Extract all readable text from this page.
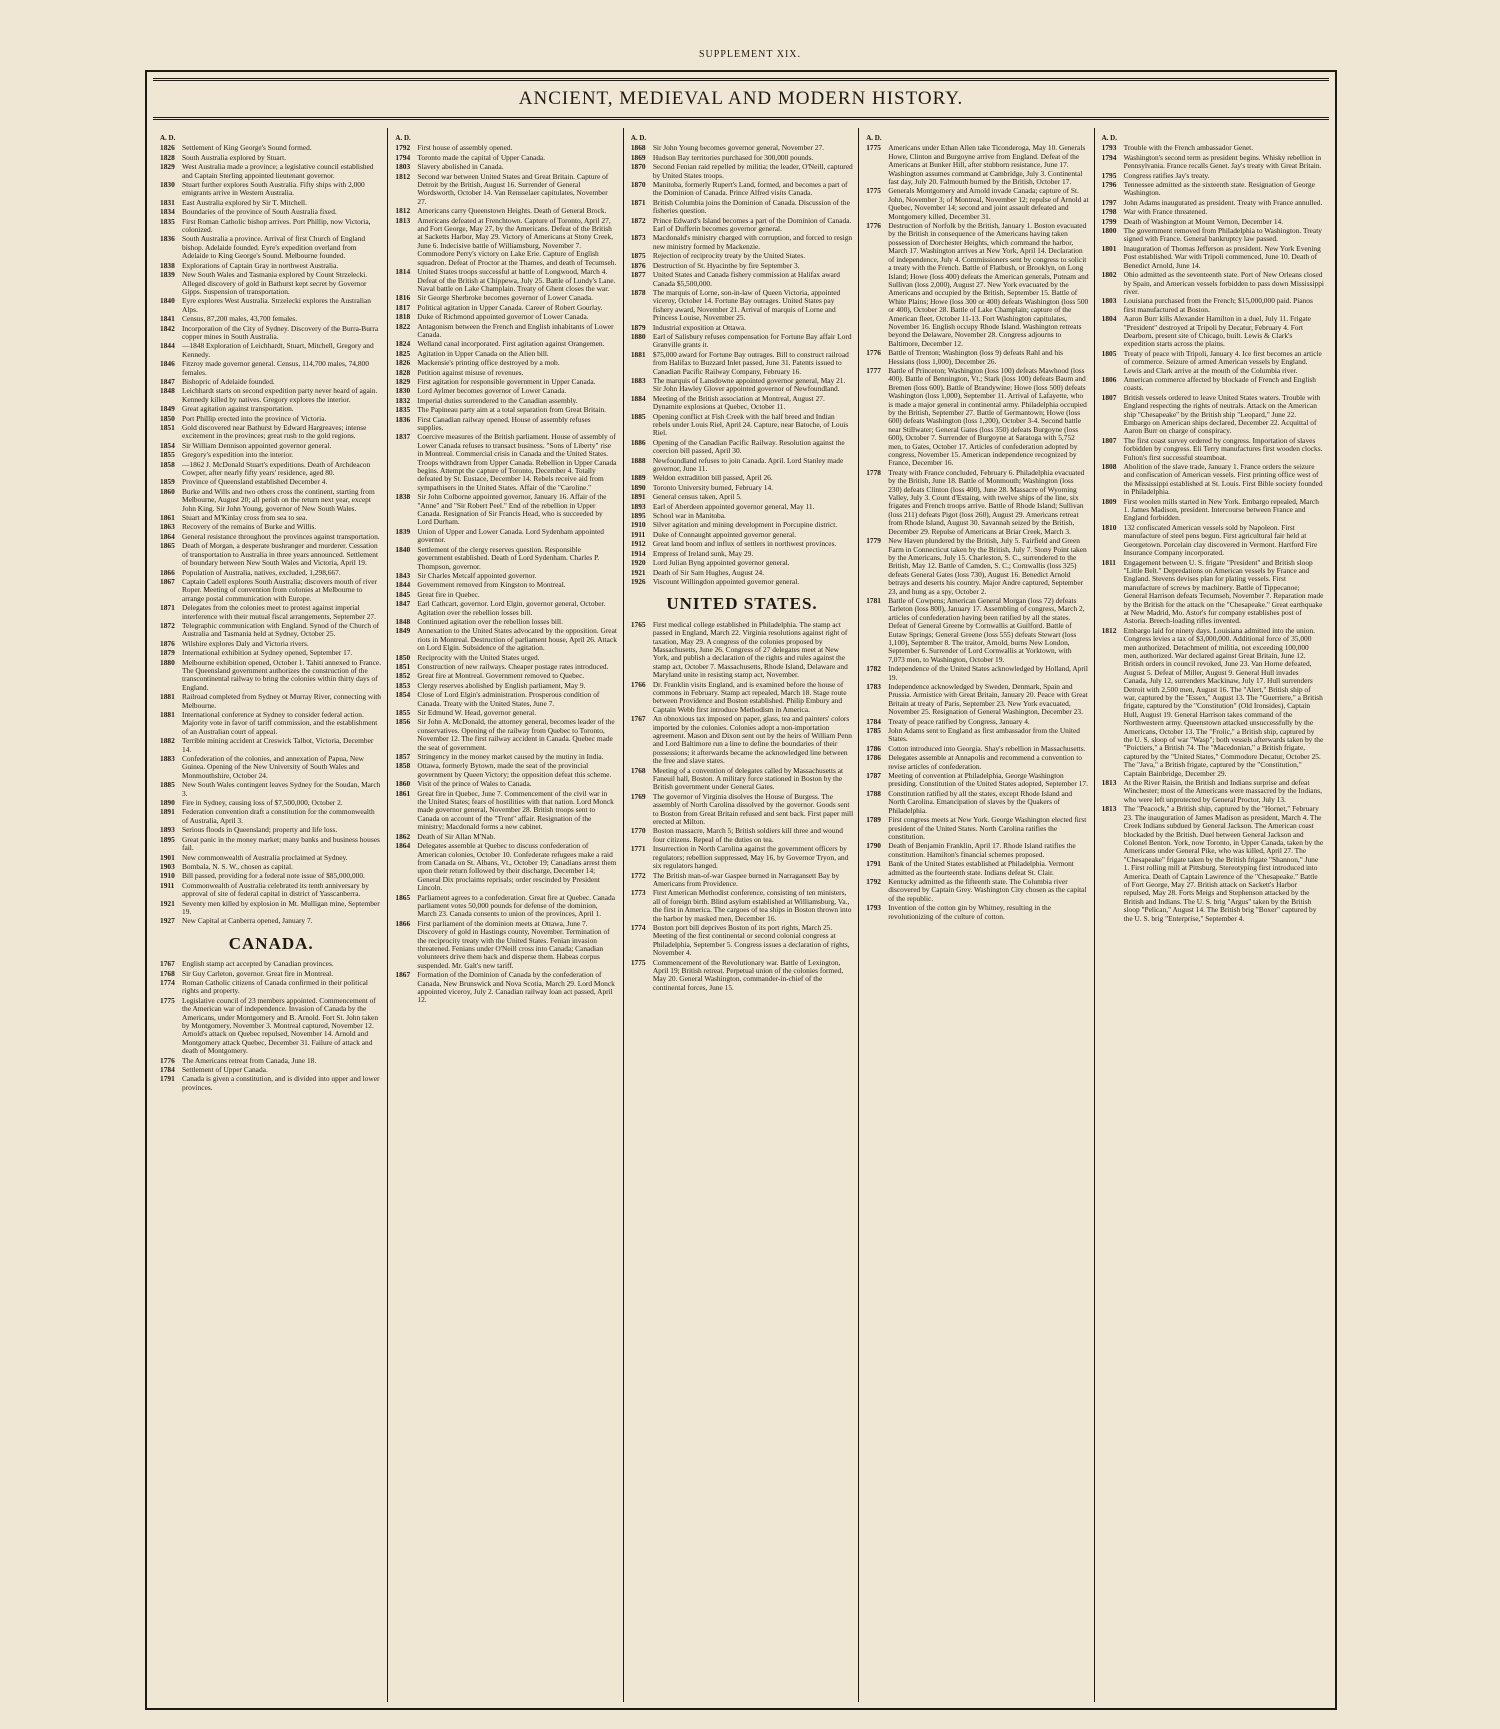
SUPPLEMENT XIX.
ANCIENT, MEDIEVAL AND MODERN HISTORY.
A. D.
1826 Settlement of King George's Sound formed.
1828 South Australia explored by Stuart.
1829 West Australia made a province; a legislative council established and Captain Sterling appointed lieutenant governor.
1830 Stuart further explores South Australia. Fifty ships with 2,000 emigrants arrive in Western Australia.
1831 East Australia explored by Sir T. Mitchell.
1834 Boundaries of the province of South Australia fixed.
1835 First Roman Catholic bishop arrives. Port Phillip, now Victoria, colonized.
1836 South Australia a province. Arrival of first Church of England bishop. Adelaide founded. Eyre's expedition overland from Adelaide to King George's Sound. Melbourne founded.
1838 Explorations of Captain Gray in northwest Australia.
1839 New South Wales and Tasmania explored by Count Strzelecki. Alleged discovery of gold in Bathurst kept secret by Governor Gipps. Suspension of transportation.
1840 Eyre explores West Australia. Strzelecki explores the Australian Alps.
1841 Census, 87,200 males, 43,700 females.
1842 Incorporation of the City of Sydney. Discovery of the Burra-Burra copper mines in South Australia.
1844 —1848 Exploration of Leichhardt, Stuart, Mitchell, Gregory and Kennedy.
1846 Fitzroy made governor general. Census, 114,700 males, 74,800 females.
1847 Bishopric of Adelaide founded.
1848 Leichhardt starts on second expedition party never heard of again. Kennedy killed by natives. Gregory explores the interior.
1849 Great agitation against transportation.
1850 Port Phillip erected into the province of Victoria.
1851 Gold discovered near Bathurst by Edward Hargreaves; intense excitement in the provinces; great rush to the gold regions.
1854 Sir William Dennison appointed governor general.
1855 Gregory's expedition into the interior.
1858 —1862 J. McDonald Stuart's expeditions. Death of Archdeacon Cowper, after nearly fifty years' residence, aged 80.
1859 Province of Queensland established December 4.
1860 Burke and Wills and two others cross the continent, starting from Melbourne, August 20; all perish on the return next year, except John King. Sir John Young, governor of New South Wales.
1861 Stuart and M'Kinlay cross from sea to sea.
1863 Recovery of the remains of Burke and Willis.
1864 General resistance throughout the provinces against transportation.
1865 Death of Morgan, a desperate bushranger and murderer. Cessation of transportation to Australia in three years announced. Settlement of boundary between New South Wales and Victoria, April 19.
1866 Population of Australia, natives, excluded, 1,298,667.
1867 Captain Cadell explores South Australia; discovers mouth of river Roper. Meeting of convention from colonies at Melbourne to arrange postal communication with Europe.
1871 Delegates from the colonies meet to protest against imperial interference with their mutual fiscal arrangements, September 27.
1872 Telegraphic communication with England. Synod of the Church of Australia and Tasmania held at Sydney, October 25.
1876 Wilshire explores Daly and Victoria rivers.
1879 International exhibition at Sydney opened, September 17.
1880 Melbourne exhibition opened, October 1. Tahiti annexed to France. The Queensland government authorizes the construction of the transcontinental railway to bring the colonies within thirty days of England.
1881 Railroad completed from Sydney ot Murray River, connecting with Melbourne.
1881 International conference at Sydney to consider federal action. Majority vote in favor of tariff commission, and the establishment of an Australian court of appeal.
1882 Terrible mining accident at Creswick Talbot, Victoria, December 14.
1883 Confederation of the colonies, and annexation of Papua, New Guinea. Opening of the New University of South Wales and Monmouthshire, October 24.
1885 New South Wales contingent leaves Sydney for the Soudan, March 3.
1890 Fire in Sydney, causing loss of $7,500,000, October 2.
1891 Federation convention draft a constitution for the commonwealth of Australia, April 3.
1893 Serious floods in Queensland; property and life loss.
1895 Great panic in the money market; many banks and business houses fail.
1901 New commonwealth of Australia proclaimed at Sydney.
1903 Bombala, N. S. W., chosen as capital.
1910 Bill passed, providing for a federal note issue of $85,000,000.
1911	Commonwealth of Australia celebrated its tenth anniversary by approval of site of federal capital in district of Yasscanberra.
1921 Seventy men killed by explosion in Mt. Mulligan mine, September 19.
1927 New Capital at Canberra opened, January 7.
CANADA.
1767 English stamp act accepted by Canadian provinces.
1768 Sir Guy Carleton, governor. Great fire in Montreal.
1774 Roman Catholic citizens of Canada confirmed in their political rights and property.
1775 Legislative council of 23 members appointed. Commencement of the American war of independence. Invasion of Canada by the Americans, under Montgomery and B. Arnold. Fort St. John taken by Montgomery, November 3. Montreal captured, November 12. Arnold's attack on Quebec repulsed, November 14. Arnold and Montgomery attack Quebec, December 31. Failure of attack and death of Montgomery.
1776 The Americans retreat from Canada, June 18.
1784 Settlement of Upper Canada.
1791 Canada is given a constitution, and is divided into upper and lower provinces.
A. D.
1792 First house of assembly opened.
1794 Toronto made the capital of Upper Canada.
1803 Slavery abolished in Canada.
1812 Second war between United States and Great Britain. Capture of Detroit by the British, August 16. Surrender of General Wordsworth, October 14. Van Rensselaer capitulates, November 27.
1812 Americans carry Queenstown Heights. Death of General Brock.
1813 Americans defeated at Frenchtown. Capture of Toronto, April 27, and Fort George, May 27, by the Americans. Defeat of the British at Sacketts Harbor, May 29. Victory of Americans at Stony Creek, June 6. Indecisive battle of Williamsburg, November 7. Commodore Perry's victory on Lake Erie. Capture of English squadron. Defeat of Proctor at the Thames, and death of Tecumseh.
1814 United States troops successful at battle of Longwood, March 4. Defeat of the British at Chippewa, July 25. Battle of Lundy's Lane. Naval battle on Lake Champlain. Treaty of Ghent closes the war.
1816 Sir George Sherbroke becomes governor of Lower Canada.
1817 Political agitation in Upper Canada. Career of Robert Gourlay.
1818 Duke of Richmond appointed governor of Lower Canada.
1822 Antagonism between the French and English inhabitants of Lower Canada.
1824 Welland canal incorporated. First agitation against Orangemen.
1825 Agitation in Upper Canada on the Alien bill.
1826 Mackensie's printing office destroyed by a mob.
1828 Petition against misuse of revenues.
1829 First agitation for responsible government in Upper Canada.
1830 Lord Aylmer becomes governor of Lower Canada.
1832 Imperial duties surrendered to the Canadian assembly.
1835 The Papineau party aim at a total separation from Great Britain.
1836 First Canadian railway opened. House of assembly refuses supplies.
1837 Coercive measures of the British parliament. House of assembly of Lower Canada refuses to transact business. "Sons of Liberty" rise in Montreal. Commercial crisis in Canada and the United States. Troops withdrawn from Upper Canada. Rebellion in Upper Canada begins. Attempt the capture of Toronto, December 4. Totally defeated by St. Eustace, December 14. Rebels receive aid from sympathisers in the United States. Affair of the "Caroline."
1838 Sir John Colborne appointed governor, January 16. Affair of the "Anne" and "Sir Robert Peel." End of the rebellion in Upper Canada. Resignation of Sir Francis Head, who is succeeded by Lord Durham.
1839 Union of Upper and Lower Canada. Lord Sydenham appointed governor.
1840 Settlement of the clergy reserves question. Responsible government established. Death of Lord Sydenham. Charles P. Thompson, governor.
1843 Sir Charles Metcalf appointed governor.
1844 Government removed from Kingston to Montreal.
1845 Great fire in Quebec.
1847 Earl Cathcart, governor. Lord Elgin, governor general, October. Agitation over the rebellion losses bill.
1848 Continued agitation over the rebellion losses bill.
1849 Annexation to the United States advocated by the opposition. Great riots in Montreal. Destruction of parliament house, April 26. Attack on Lord Elgin. Subsidence of the agitation.
1850 Reciprocity with the United States urged.
1851 Construction of new railways. Cheaper postage rates introduced.
1852 Great fire at Montreal. Government removed to Quebec.
1853 Clergy reserves abolished by English parliament, May 9.
1854 Close of Lord Elgin's administration. Prosperous condition of Canada. Treaty with the United States, June 7.
1855 Sir Edmund W. Head, governor general.
1856 Sir John A. McDonald, the attorney general, becomes leader of the conservatives. Opening of the railway from Quebec to Toronto, November 12. The first railway accident in Canada. Quebec made the seat of government.
1857 Stringency in the money market caused by the mutiny in India.
1858 Ottawa, formerly Bytown, made the seat of the provincial government by Queen Victory; the opposition defeat this scheme.
1860 Visit of the prince of Wales to Canada.
1861 Great fire in Quebec, June 7. Commencement of the civil war in the United States; fears of hostilities with that nation. Lord Monck made governor general, November 28. British troops sent to Canada on account of the "Trent" affair. Resignation of the ministry; Macdonald forms a new cabinet.
1862 Death of Sir Allan M'Nab.
1864 Delegates assemble at Quebec to discuss confederation of American colonies, October 10. Confederate refugees make a raid from Canada on St. Albans, Vt., October 19; Canadians arrest them upon their return followed by their discharge, December 14; General Dix proclaims reprisals; order rescinded by President Lincoln.
1865 Parliament agrees to a confederation. Great fire at Quebec. Canada parliament votes 50,000 pounds for defense of the dominion, March 23. Canada consents to union of the provinces, April 1.
1866 First parliament of the dominion meets at Ottawa, June 7. Discovery of gold in Hastings county, November. Termination of the reciprocity treaty with the United States. Fenian invasion threatened. Fenians under O'Neill cross into Canada; Canadian volunteers drive them back and disperse them. Habeas corpus suspended. Mr. Galt's new tariff.
1867 Formation of the Dominion of Canada by the confederation of Canada, New Brunswick and Nova Scotia, March 29. Lord Monck appointed viceroy, July 2. Canadian railway loan act passed, April 12.
A. D.
1868 Sir John Young becomes governor general, November 27.
1869 Hudson Bay territories purchased for 300,000 pounds.
1870 Second Fenian raid repelled by militia; the leader, O'Neill, captured by United States troops.
1870 Manitoba, formerly Rupert's Land, formed, and becomes a part of the Dominion of Canada. Prince Alfred visits Canada.
1871 British Columbia joins the Dominion of Canada. Discussion of the fisheries question.
1872 Prince Edward's Island becomes a part of the Dominion of Canada. Earl of Dufferin becomes governor general.
1873 Macdonald's ministry charged with corruption, and forced to resign new ministry formed by Mackenzie.
1875 Rejection of reciprocity treaty by the United States.
1876 Destruction of St. Hyacinthe by fire September 3.
1877 United States and Canada fishery commission at Halifax award Canada $5,500,000.
1878 The marquis of Lorne, son-in-law of Queen Victoria, appointed viceroy, October 14. Fortune Bay outrages. United States pay fishery award, November 21. Arrival of marquis of Lorne and Princess Louise, November 25.
1879 Industrial exposition at Ottawa.
1880 Earl of Salisbury refuses compensation for Fortune Bay affair Lord Granville grants it.
1881 $75,000 award for Fortune Bay outrages. Bill to construct railroad from Halifax to Buzzard Inlet passed, June 31. Patents issued to Canadian Pacific Railway Company, February 16.
1883 The marquis of Lansdowne appointed governor general, May 21. Sir John Hawley Glover appointed governor of Newfoundland.
1884 Meeting of the British association at Montreal, August 27. Dynamite explosions at Quebec, October 11.
1885 Opening conflict at Fish Creek with the half breed and Indian rebels under Louis Riel, April 24. Capture, near Batoche, of Louis Riel.
1886 Opening of the Canadian Pacific Railway. Resolution against the coercion bill passed, April 30.
1888 Newfoundland refuses to join Canada. April. Lord Stanley made governor, June 11.
1889 Weldon extradition bill passed, April 26.
1890 Toronto University burned, February 14.
1891 General census taken, April 5.
1893 Earl of Aberdeen appointed governor general, May 11.
1895 School war in Manitoba.
1910 Silver agitation and mining development in Porcupine district.
1911	Duke of Connaught appointed governor general.
1912 Great land boom and influx of settlers in northwest provinces.
1914 Empress of Ireland sunk, May 29.
1920 Lord Julian Byng appointed governor general.
1921 Death of Sir Sam Hughes, August 24.
1926 Viscount Willingdon appointed governor general.
UNITED STATES.
1765 First medical college established in Philadelphia. The stamp act passed in England, March 22. Virginia resolutions against right of taxation, May 29. A congress of the colonies proposed by Massachusetts, June 26. Congress of 27 delegates meet at New York, and publish a declaration of the rights and rules against the stamp act, October 7. Massachusetts, Rhode Island, Delaware and Maryland unite in resisting stamp act, November.
1766 Dr. Franklin visits England, and is examined before the house of commons in February. Stamp act repealed, March 18. Stage route between Providence and Boston established. Philip Embury and Captain Webb first introduce Methodism in America.
1767 An obnoxious tax imposed on paper, glass, tea and painters' colors imported by the colonies. Colonies adopt a non-importation agreement. Mason and Dixon sent out by the heirs of William Penn and Lord Baltimore run a line to define the boundaries of their possessions; it afterwards became the acknowledged line between the free and slave states.
1768 Meeting of a convention of delegates called by Massachusetts at Faneuil hall, Boston. A military force stationed in Boston by the British government under General Gates.
1769 The governor of Virginia disolves the House of Burgess. The assembly of North Carolina dissolved by the governor. Goods sent to Boston from Great Britain refused and sent back. First paper mill erected at Milton.
1770 Boston massacre, March 5; British soldiers kill three and wound four citizens. Repeal of the duties on tea.
1771 Insurrection in North Carolina against the government officers by regulators; rebellion suppressed, May 16, by Governor Tryon, and six regulators hanged.
1772 The British man-of-war Gaspee burned in Narragansett Bay by Americans from Providence.
1773 First American Methodist conference, consisting of ten ministers, all of foreign birth. Blind asylum established at Williamsburg, Va., the first in America. The cargoes of tea ships in Boston thrown into the harbor by masked men, December 16.
1774 Boston port bill deprives Boston of its port rights, March 25. Meeting of the first continental or second colonial congress at Philadelphia, September 5. Congress issues a declaration of rights, November 4.
1775 Commencement of the Revolutionary war. Battle of Lexington, April 19; British retreat. Perpetual union of the colonies formed, May 20. General Washington, commander-in-chief of the continental forces, June 15.
A. D.
1775 Americans under Ethan Allen take Ticonderoga, May 10. Generals Howe, Clinton and Burgoyne arrive from England. Defeat of the Americans at Bunker Hill, after stubborn resistance, June 17. Washington assumes command at Cambridge, July 3. Continental fast day, July 20. Falmouth burned by the British, October 17.
1775 Generals Montgomery and Arnold invade Canada; capture of St. John, November 3; of Montreal, November 12; repulse of Arnold at Quebec, November 14; second and joint assault defeated and Montgomery killed, December 31.
1776 Destruction of Norfolk by the British, January 1. Boston evacuated by the British in consequence of the Americans having taken possession of Dorchester Heights, which command the harbor, March 17. Washington arrives at New York, April 14. Declaration of independence, July 4. Commissioners sent by congress to solicit a treaty with the French. Battle of Flatbush, or Brooklyn, on Long Island; Howe (loss 400) defeats the American generals, Putnam and Sullivan (loss 2,000), August 27. New York evacuated by the Americans and occupied by the British, September 15. Battle of White Plains; Howe (loss 300 or 400) defeats Washington (loss 500 or 400), October 28. Battle of Lake Champlain; capture of the American fleet, October 11-13. Fort Washington capitulates, November 16. English occupy Rhode Island. Washington retreats beyond the Delaware, November 28. Congress adjourns to Baltimore, December 12.
1776 Battle of Trenton; Washington (loss 9) defeats Rahl and his Hessians (loss 1,000), December 26.
1777 Battle of Princeton; Washington (loss 100) defeats Mawhood (loss 400). Battle of Bennington, Vt.; Stark (loss 100) defeats Baum and Bremen (loss 600). Battle of Brandywine; Howe (loss 500) defeats Washington (loss 1,000), September 11. Arrival of Lafayette, who is made a major general in continental army. Philadelphia occupied by the British, September 27. Battle of Germantown; Howe (loss 600) defeats Washington (loss 1,200), October 3-4. Second battle near Stillwater; General Gates (loss 350) defeats Burgoyne (loss 600), October 7. Surrender of Burgoyne at Saratoga with 5,752 men, to Gates, October 17. Articles of confederation adopted by congress, November 15. American independence recognized by France, December 16.
1778 Treaty with France concluded, February 6. Philadelphia evacuated by the British, June 18. Battle of Monmouth; Washington (loss 230) defeats Clinton (loss 400), June 28. Massacre of Wyoming Valley, July 3. Count d'Estaing, with twelve ships of the line, six frigates and French troops arrive. Battle of Rhode Island; Sullivan (loss 211) defeats Pigot (loss 260), August 29. Americans retreat from Rhode Island, August 30. Savannah seized by the British, December 29. Repulse of Americans at Briar Creek, March 3.
1779 New Haven plundered by the British, July 5. Fairfield and Green Farm in Connecticut taken by the British, July 7. Stony Point taken by the Americans, July 15. Charleston, S. C., surrendered to the British, May 12. Battle of Camden, S. C.; Cornwallis (loss 325) defeats General Gates (loss 730), August 16. Benedict Arnold betrays and deserts his country. Major Andre captured, September 23, and hung as a spy, October 2.
1781 Battle of Cowpens; American General Morgan (loss 72) defeats Tarleton (loss 800), January 17. Assembling of congress, March 2, articles of confederation having been ratified by all the states. Defeat of General Greene by Cornwallis at Guilford. Battle of Eutaw Springs; General Greene (loss 555) defeats Stewart (loss 1,100), September 8. The traitor, Arnold, burns New London, September 6. Surrender of Lord Cornwallis at Yorktown, with 7,073 men, to Washington, October 19.
1782 Independence of the United States acknowledged by Holland, April 19.
1783 Independence acknowledged by Sweden, Denmark, Spain and Prussia. Armistice with Great Britain, January 20. Peace with Great Britain at treaty of Paris, September 23. New York evacuated, November 25. Resignation of General Washington, December 23.
1784 Treaty of peace ratified by Congress, January 4.
1785 John Adams sent to England as first ambassador from the United States.
1786 Cotton introduced into Georgia. Shay's rebellion in Massachusetts.
1786 Delegates assemble at Annapolis and recommend a convention to revise articles of confederation.
1787 Meeting of convention at Philadelphia, George Washington presiding. Constitution of the United States adopted, September 17.
1788 Constitution ratified by all the states, except Rhode Island and North Carolina. Emancipation of slaves by the Quakers of Philadelphia.
1789 First congress meets at New York. George Washington elected first president of the United States. North Carolina ratifies the constitution.
1790 Death of Benjamin Franklin, April 17. Rhode Island ratifies the constitution. Hamilton's financial schemes proposed.
1791 Bank of the United States established at Philadelphia. Vermont admitted as the fourteenth state. Indians defeat St. Clair.
1792 Kentucky admitted as the fifteenth state. The Columbia river discovered by Captain Grey. Washington City chosen as the capital of the republic.
1793 Invention of the cotton gin by Whitney, resulting in the revolutionizing of the culture of cotton.
A. D.
1793 Trouble with the French ambassador Genet.
1794 Washington's second term as president begins. Whisky rebellion in Pennsylvania. France recalls Genet. Jay's treaty with Great Britain.
1795 Congress ratifies Jay's treaty.
1796 Tennessee admitted as the sixteenth state. Resignation of George Washington.
1797 John Adams inaugurated as president. Treaty with France annulled.
1798 War with France threatened.
1799 Death of Washington at Mount Vernon, December 14.
1800 The government removed from Philadelphia to Washington. Treaty signed with France. General bankruptcy law passed.
1801 Inauguration of Thomas Jefferson as president. New York Evening Post established. War with Tripoli commenced, June 10. Death of Benedict Arnold, June 14.
1802 Ohio admitted as the seventeenth state. Port of New Orleans closed by Spain, and American vessels forbidden to pass down Mississippi river.
1803 Louisiana purchased from the French; $15,000,000 paid. Pianos first manufactured at Boston.
1804 Aaron Burr kills Alexander Hamilton in a duel, July 11. Frigate "President" destroyed at Tripoli by Decatur, February 4. Fort Dearborn, present site of Chicago, built. Lewis & Clark's expedition starts across the plains.
1805 Treaty of peace with Tripoli, January 4. Ice first becomes an article of commerce. Seizure of armed American vessels by England. Lewis and Clark arrive at the mouth of the Columbia river.
1806 American commerce affected by blockade of French and English coasts.
1807 British vessels ordered to leave United States waters. Trouble with England respecting the rights of neutrals. Attack on the American ship "Chesapeake" by the British ship "Leopard," June 22. Embargo on American ships declared, December 22. Acquittal of Aaron Burr on charge of conspiracy.
1807 The first coast survey ordered by congress. Importation of slaves forbidden by congress. Eli Terry manufactures first wooden clocks. Fulton's first successful steamboat.
1808 Abolition of the slave trade, January 1. France orders the seizure and confiscation of American vessels. First printing office west of the Mississippi established at St. Louis. First Bible society founded in Philadelphia.
1809 First woolen mills started in New York. Embargo repealed, March 1. James Madison, president. Intercourse between France and England forbidden.
1810 132 confiscated American vessels sold by Napoleon. First manufacture of steel pens begun. First agricultural fair held at Georgetown. Porcelain clay discovered in Vermont. Hartford Fire Insurance Company incorporated.
1811	Engagement between U. S. frigate "President" and British sloop "Little Belt." Depredations on American vessels by France and England. Stevens devises plan for plating vessels. First manufacture of screws by machinery. Battle of Tippecanoe; General Harrison defeats Tecumseh, November 7. Reparation made by the British for the attack on the "Chesapeake." Great earthquake at New Madrid, Mo. Astor's fur company establishes post of Astoria. Breech-loading rifles invented.
1812 Embargo laid for ninety days. Louisiana admitted into the union. Congress levies a tax of $3,000,000. Additional force of 35,000 men authorized. Detachment of militia, not exceeding 100,000 men, authorized. War declared against Great Britain, June 12. British orders in council revoked, June 23. Van Horne defeated, August 5. Defeat of Miller, August 9. General Hull invades Canada, July 12, surrenders Mackinaw, July 17. Hull surrenders Detroit with 2,500 men, August 16. The "Alert," British ship of war, captured by the "Essex," August 13. The "Guerriere," a British frigate, captured by the "Constitution" (Old Ironsides), Captain Hull, August 19. General Harrison takes command of the Northwestern army. Queenstown attacked unsuccessfully by the Americans, October 13. The "Frolic," a British ship, captured by the U. S. sloop of war "Wasp"; both vessels afterwards taken by the "Poictiers," a British 74. The "Macedonian," a British frigate, captured by the "United States," Commodore Decatur, October 25. The "Java," a British frigate, captured by the "Constitution," Captain Bainbridge, December 29.
1813 At the River Raisin, the British and Indians surprise and defeat Winchester; most of the Americans were massacred by the Indians, who were left unprotected by General Proctor, July 13.
1813 The "Peacock," a British ship, captured by the "Hornet," February 23. The inauguration of James Madison as president, March 4. The Creek Indians subdued by General Jackson. The American coast blockaded by the British. Duel between General Jackson and Colonel Benton. York, now Toronto, in Upper Canada, taken by the Americans under General Pike, who was killed, April 27. The "Chesapeake" frigate taken by the British frigate "Shannon," June 1. First rolling mill at Pittsburg. Stereotyping first introduced into America. Death of Captain Lawrence of the "Chesapeake." Battle of Fort George, May 27. British attack on Sackett's Harbor repulsed, May 28. Forts Meigs and Stephenson attacked by the British and Indians. The U. S. brig "Argus" taken by the British sloop "Pelican," August 14. The British brig "Boxer" captured by the U. S. brig "Enterprise," September 4.
